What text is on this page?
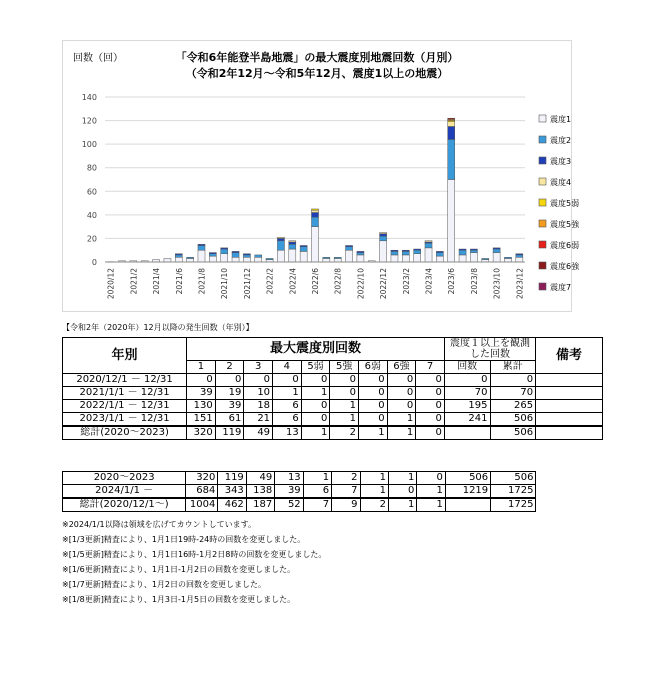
回数（回）	「令和6年能登半島地震」の最大震度別地震回数（月別）
（令和2年12月～令和5年12月、震度1以上の地震）
0
20
40
60
80
100
120
140
2020/12 2021/2 2021/4 2021/6 2021/8 2021/10 2021/12 2022/2 2022/4 2022/6 2022/8 2022/10 2022/12 2023/2 2023/4 2023/6 2023/8 2023/10 2023/12
震度1
震度2
震度3
震度4
震度5弱
震度5強
震度6弱
震度6強
震度7
【令和2年（2020年）12月以降の発生回数（年別）】
年別	最大震度別回数									震度１以上を観測した回数		備考
	1	2	3	4	5弱	5強	6弱	6強	7	回数	累計	
2020/12/1 － 12/31	0	0	0	0	0	0	0	0	0	0	0	
2021/1/1 － 12/31	39	19	10	1	1	0	0	0	0	70	70	
2022/1/1 － 12/31	130	39	18	6	0	1	0	0	0	195	265	
2023/1/1 － 12/31	151	61	21	6	0	1	0	1	0	241	506	
総計(2020～2023)	320	119	49	13	1	2	1	1	0		506	
2020～2023	320	119	49	13	1	2	1	1	0	506	506	
2024/1/1 －	684	343	138	39	6	7	1	0	1	1219	1725	
総計(2020/12/1～)	1004	462	187	52	7	9	2	1	1		1725	
※2024/1/1以降は領域を広げてカウントしています。
※[1/3更新]精査により、1月1日19時-24時の回数を変更しました。
※[1/5更新]精査により、1月1日16時-1月2日8時の回数を変更しました。
※[1/6更新]精査により、1月1日-1月2日の回数を変更しました。
※[1/7更新]精査により、1月2日の回数を変更しました。
※[1/8更新]精査により、1月3日-1月5日の回数を変更しました。
